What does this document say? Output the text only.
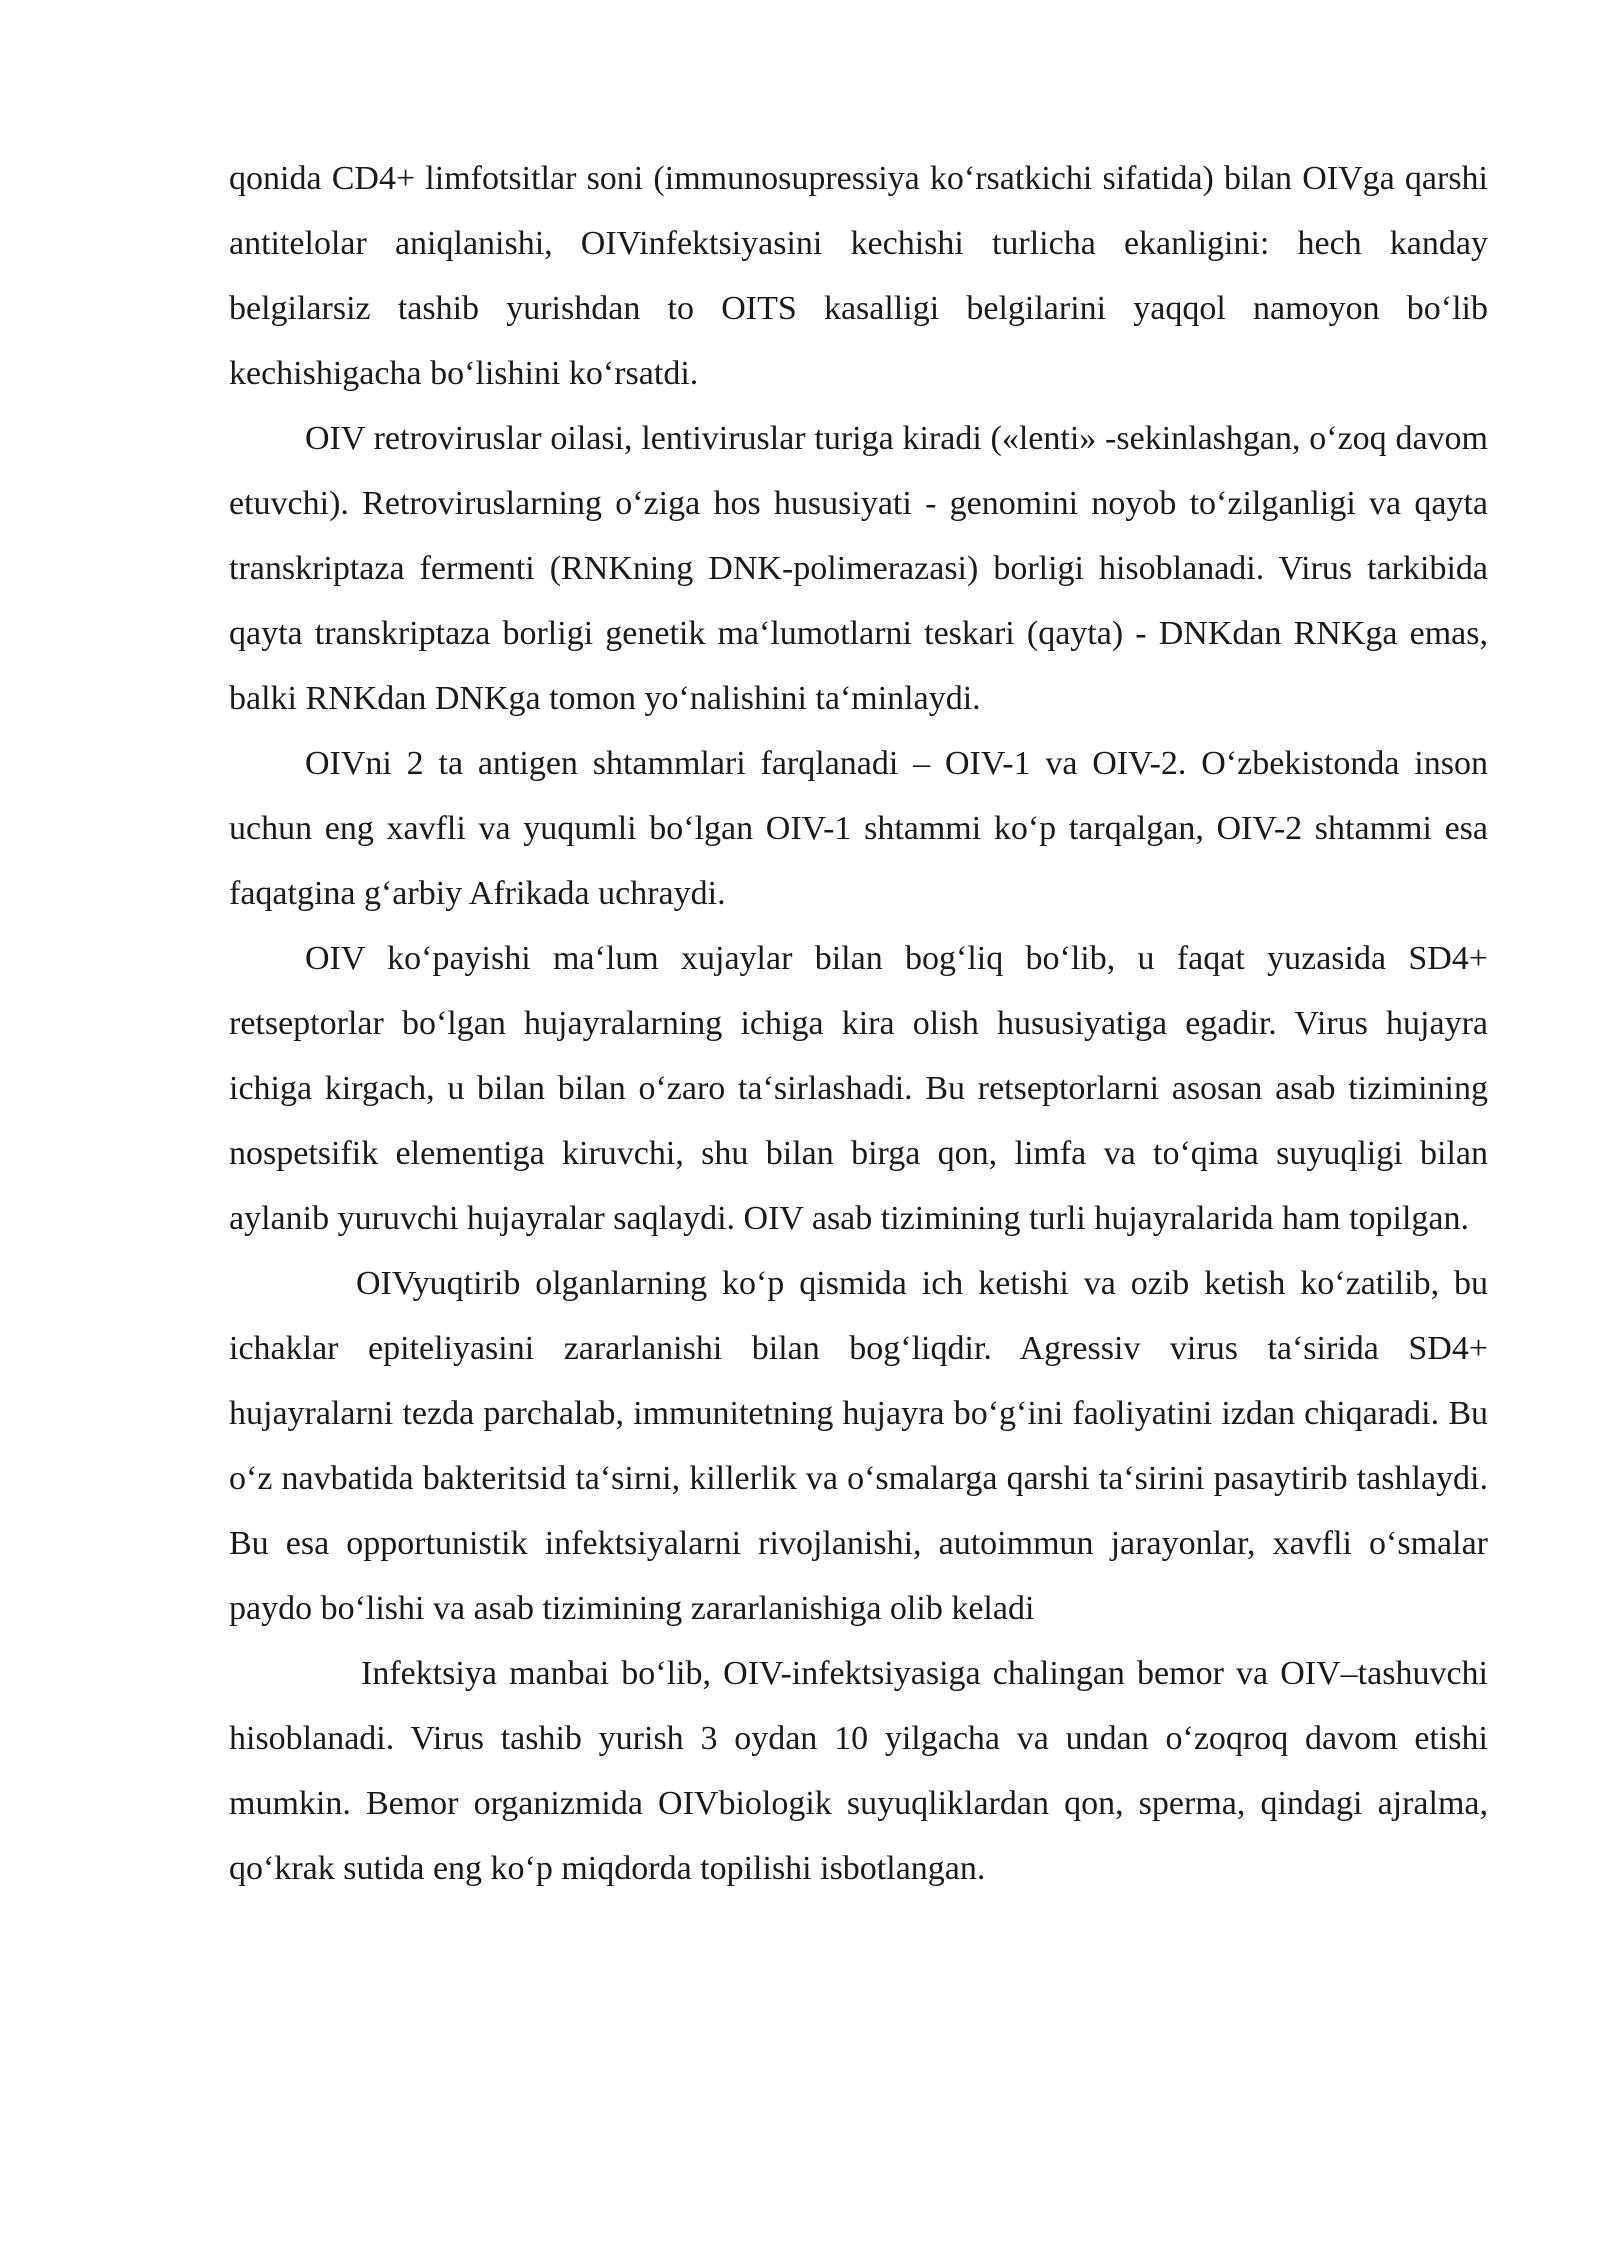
qonida CD4+ limfotsitlar soni (immunosupressiya koʻrsatkichi sifatida) bilan OIVga qarshi antitelolar aniqlanishi, OIVinfektsiyasini kechishi turlicha ekanligini: hech kanday belgilarsiz tashib yurishdan to OITS kasalligi belgilarini yaqqol namoyon boʻlib kechishigacha boʻlishini koʻrsatdi.

OIV retroviruslar oilasi, lentiviruslar turiga kiradi («lenti» -sekinlashgan, oʻzoq davom etuvchi). Retroviruslarning oʻziga hos hususiyati - genomini noyob toʻzilganligi va qayta transkriptaza fermenti (RNKning DNK-polimerazasi) borligi hisoblanadi. Virus tarkibida qayta transkriptaza borligi genetik maʻlumotlarni teskari (qayta) - DNKdan RNKga emas, balki RNKdan DNKga tomon yoʻnalishini taʻminlaydi.

OIVni 2 ta antigen shtammlari farqlanadi – OIV-1 va OIV-2. Oʻzbekistonda inson uchun eng xavfli va yuqumli boʻlgan OIV-1 shtammi koʻp tarqalgan, OIV-2 shtammi esa faqatgina gʻarbiy Afrikada uchraydi.

OIV koʻpayishi maʻlum xujaylar bilan bogʻliq boʻlib, u faqat yuzasida SD4+ retseptorlar boʻlgan hujayralarning ichiga kira olish hususiyatiga egadir. Virus hujayra ichiga kirgach, u bilan bilan oʻzaro taʻsirlashadi. Bu retseptorlarni asosan asab tizimining nospetsifik elementiga kiruvchi, shu bilan birga qon, limfa va toʻqima suyuqligi bilan aylanib yuruvchi hujayralar saqlaydi. OIV asab tizimining turli hujayralarida ham topilgan.

OIVyuqtirib olganlarning koʻp qismida ich ketishi va ozib ketish koʻzatilib, bu ichaklar epiteliyasini zararlanishi bilan bogʻliqdir. Agressiv virus taʻsirida SD4+ hujayralarni tezda parchalab, immunitetning hujayra boʻgʻini faoliyatini izdan chiqaradi. Bu oʻz navbatida bakteritsid taʻsirni, killerlik va oʻsmalarga qarshi taʻsirini pasaytirib tashlaydi. Bu esa opportunistik infektsiyalarni rivojlanishi, autoimmun jarayonlar, xavfli oʻsmalar paydo boʻlishi va asab tizimining zararlanishiga olib keladi

Infektsiya manbai boʻlib, OIV-infektsiyasiga chalingan bemor va OIV–tashuvchi hisoblanadi. Virus tashib yurish 3 oydan 10 yilgacha va undan oʻzoqroq davom etishi mumkin. Bemor organizmida OIVbiologik suyuqliklardan qon, sperma, qindagi ajralma, qoʻkrak sutida eng koʻp miqdorda topilishi isbotlangan.
